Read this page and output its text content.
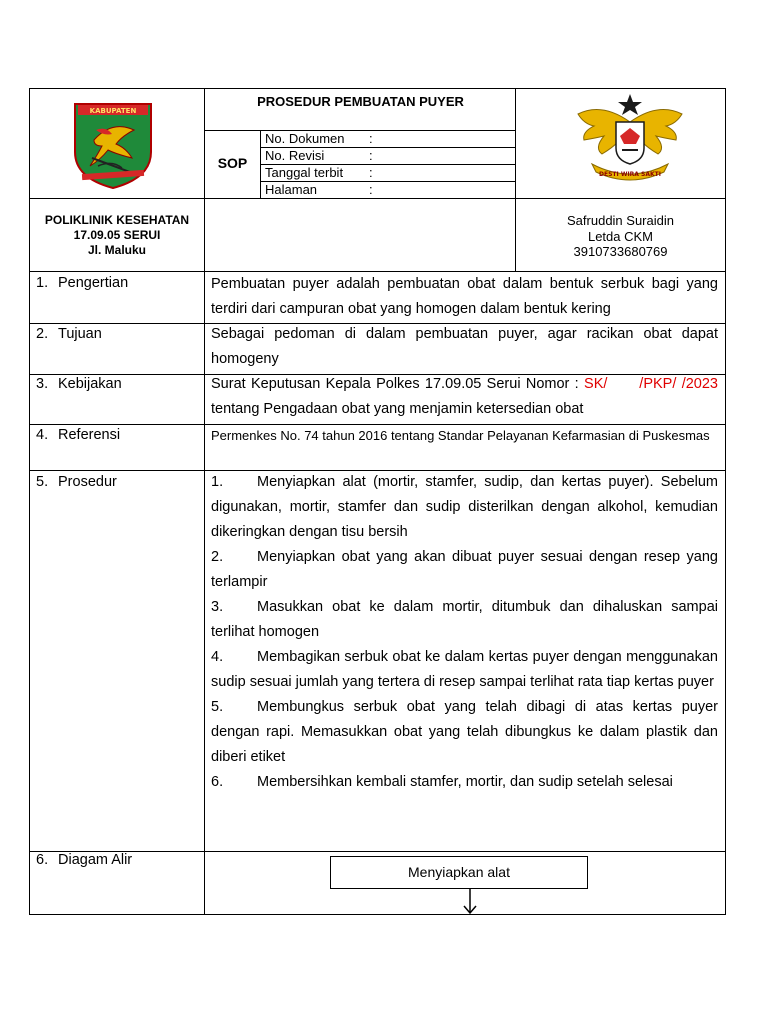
KABUPATEN
DESTI WIRA SAKTI
PROSEDUR PEMBUATAN PUYER
SOP
No. Dokumen :
No. Revisi	:
Tanggal terbit :
Halaman	:
POLIKLINIK KESEHATAN
17.09.05 SERUI
Jl. Maluku
Safruddin Suraidin
Letda CKM
3910733680769
1. Pengertian	Pembuatan puyer adalah pembuatan obat dalam bentuk serbuk bagi yang terdiri dari campuran obat yang homogen dalam bentuk kering
2. Tujuan	Sebagai pedoman di dalam pembuatan puyer, agar racikan obat dapat homogeny
3. Kebijakan	Surat Keputusan Kepala Polkes 17.09.05 Serui Nomor : SK/      /PKP/ /2023 tentang Pengadaan obat yang menjamin ketersedian obat
4. Referensi	Permenkes No. 74 tahun 2016 tentang Standar Pelayanan Kefarmasian di Puskesmas
5. Prosedur	1. Menyiapkan alat (mortir, stamfer, sudip, dan kertas puyer). Sebelum digunakan, mortir, stamfer dan sudip disterilkan dengan alkohol, kemudian dikeringkan dengan tisu bersih
2. Menyiapkan obat yang akan dibuat puyer sesuai dengan resep yang terlampir
3. Masukkan obat ke dalam mortir, ditumbuk dan dihaluskan sampai terlihat homogen
4. Membagikan serbuk obat ke dalam kertas puyer dengan menggunakan sudip sesuai jumlah yang tertera di resep sampai terlihat rata tiap kertas puyer
5. Membungkus serbuk obat yang telah dibagi di atas kertas puyer dengan rapi. Memasukkan obat yang telah dibungkus ke dalam plastik dan diberi etiket
6. Membersihkan kembali stamfer, mortir, dan sudip setelah selesai
6. Diagam Alir
Menyiapkan alat
